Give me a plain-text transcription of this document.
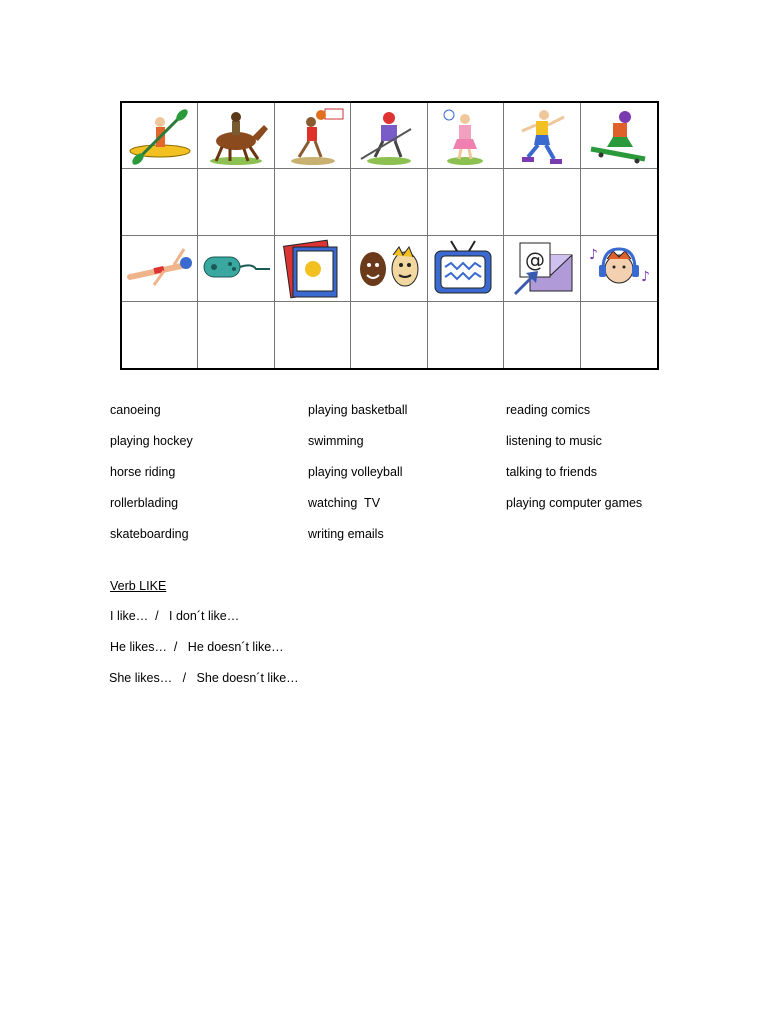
@	♪
♪
canoeing
playing hockey
horse riding
rollerblading
skateboarding
playing basketball
swimming
playing volleyball
watching  TV
writing emails
reading comics
listening to music
talking to friends
playing computer games
Verb LIKE
I like…  /   I don´t like…
He likes…  /   He doesn´t like…
She likes…   /   She doesn´t like…
